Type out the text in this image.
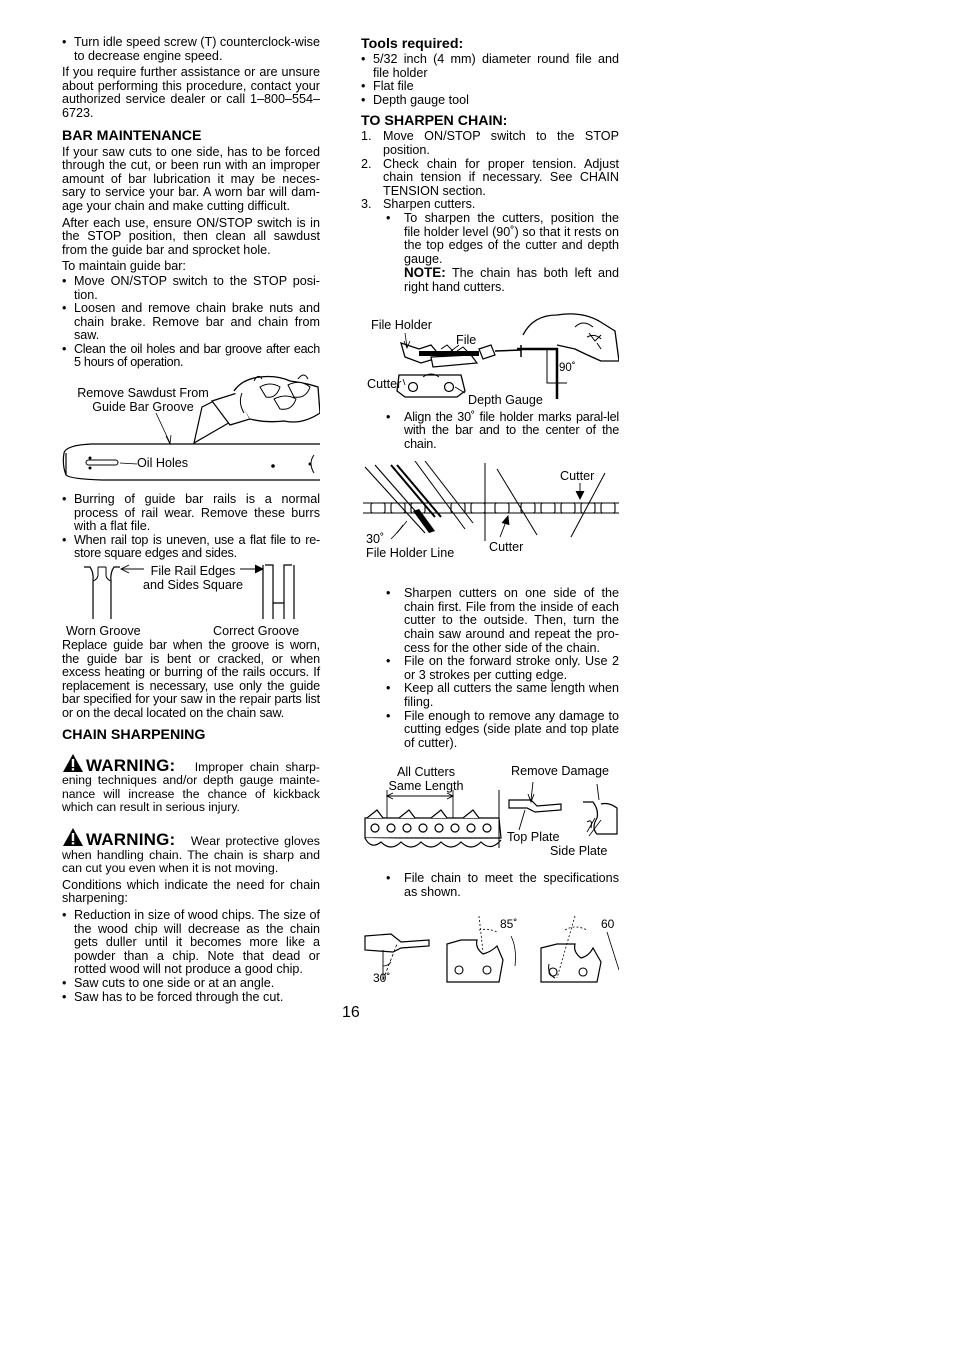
• Turn idle speed screw (T) counterclock-wise to decrease engine speed.

If you require further assistance or are unsure about performing this procedure, contact your authorized service dealer or call 1–800–554–6723.

BAR MAINTENANCE

If your saw cuts to one side, has to be forced through the cut, or been run with an improper amount of bar lubrication it may be neces-sary to service your bar. A worn bar will dam-age your chain and make cutting difficult.

After each use, ensure ON/STOP switch is in the STOP position, then clean all sawdust from the guide bar and sprocket hole.

To maintain guide bar:

• Move ON/STOP switch to the STOP posi-tion.
• Loosen and remove chain brake nuts and chain brake. Remove bar and chain from saw.
• Clean the oil holes and bar groove after each 5 hours of operation.
Remove Sawdust From Guide Bar Groove
Oil Holes
• Burring of guide bar rails is a normal process of rail wear. Remove these burrs with a flat file.
• When rail top is uneven, use a flat file to re-store square edges and sides.
File Rail Edges and Sides Square
Worn Groove	Correct Groove

Replace guide bar when the groove is worn, the guide bar is bent or cracked, or when excess heating or burring of the rails occurs. If replacement is necessary, use only the guide bar specified for your saw in the repair parts list or on the decal located on the chain saw.

CHAIN SHARPENING

WARNING: Improper chain sharp-ening techniques and/or depth gauge mainte-nance will increase the chance of kickback which can result in serious injury.

WARNING: Wear protective gloves when handling chain. The chain is sharp and can cut you even when it is not moving.

Conditions which indicate the need for chain sharpening:

• Reduction in size of wood chips. The size of the wood chip will decrease as the chain gets duller until it becomes more like a powder than a chip. Note that dead or rotted wood will not produce a good chip.
• Saw cuts to one side or at an angle.
• Saw has to be forced through the cut.
Tools required:
• 5/32 inch (4 mm) diameter round file and file holder
• Flat file
• Depth gauge tool
TO SHARPEN CHAIN:
1. Move ON/STOP switch to the STOP position.
2. Check chain for proper tension. Adjust chain tension if necessary. See CHAIN TENSION section.
3. Sharpen cutters.
• To sharpen the cutters, position the file holder level (90˚) so that it rests on the top edges of the cutter and depth gauge.

NOTE: The chain has both left and right hand cutters.

File Holder
File
Cutter
Depth Gauge
90˚
• Align the 30˚ file holder marks paral-lel with the bar and to the center of the chain.
Cutter
Cutter
30˚
File Holder Line
• Sharpen cutters on one side of the chain first. File from the inside of each cutter to the outside. Then, turn the chain saw around and repeat the pro-cess for the other side of the chain.
• File on the forward stroke only. Use 2 or 3 strokes per cutting edge.
• Keep all cutters the same length when filing.
• File enough to remove any damage to cutting edges (side plate and top plate of cutter).
All Cutters Same Length
Remove Damage
Top Plate
Side Plate
• File chain to meet the specifications as shown.
30˚
85˚	60
16
